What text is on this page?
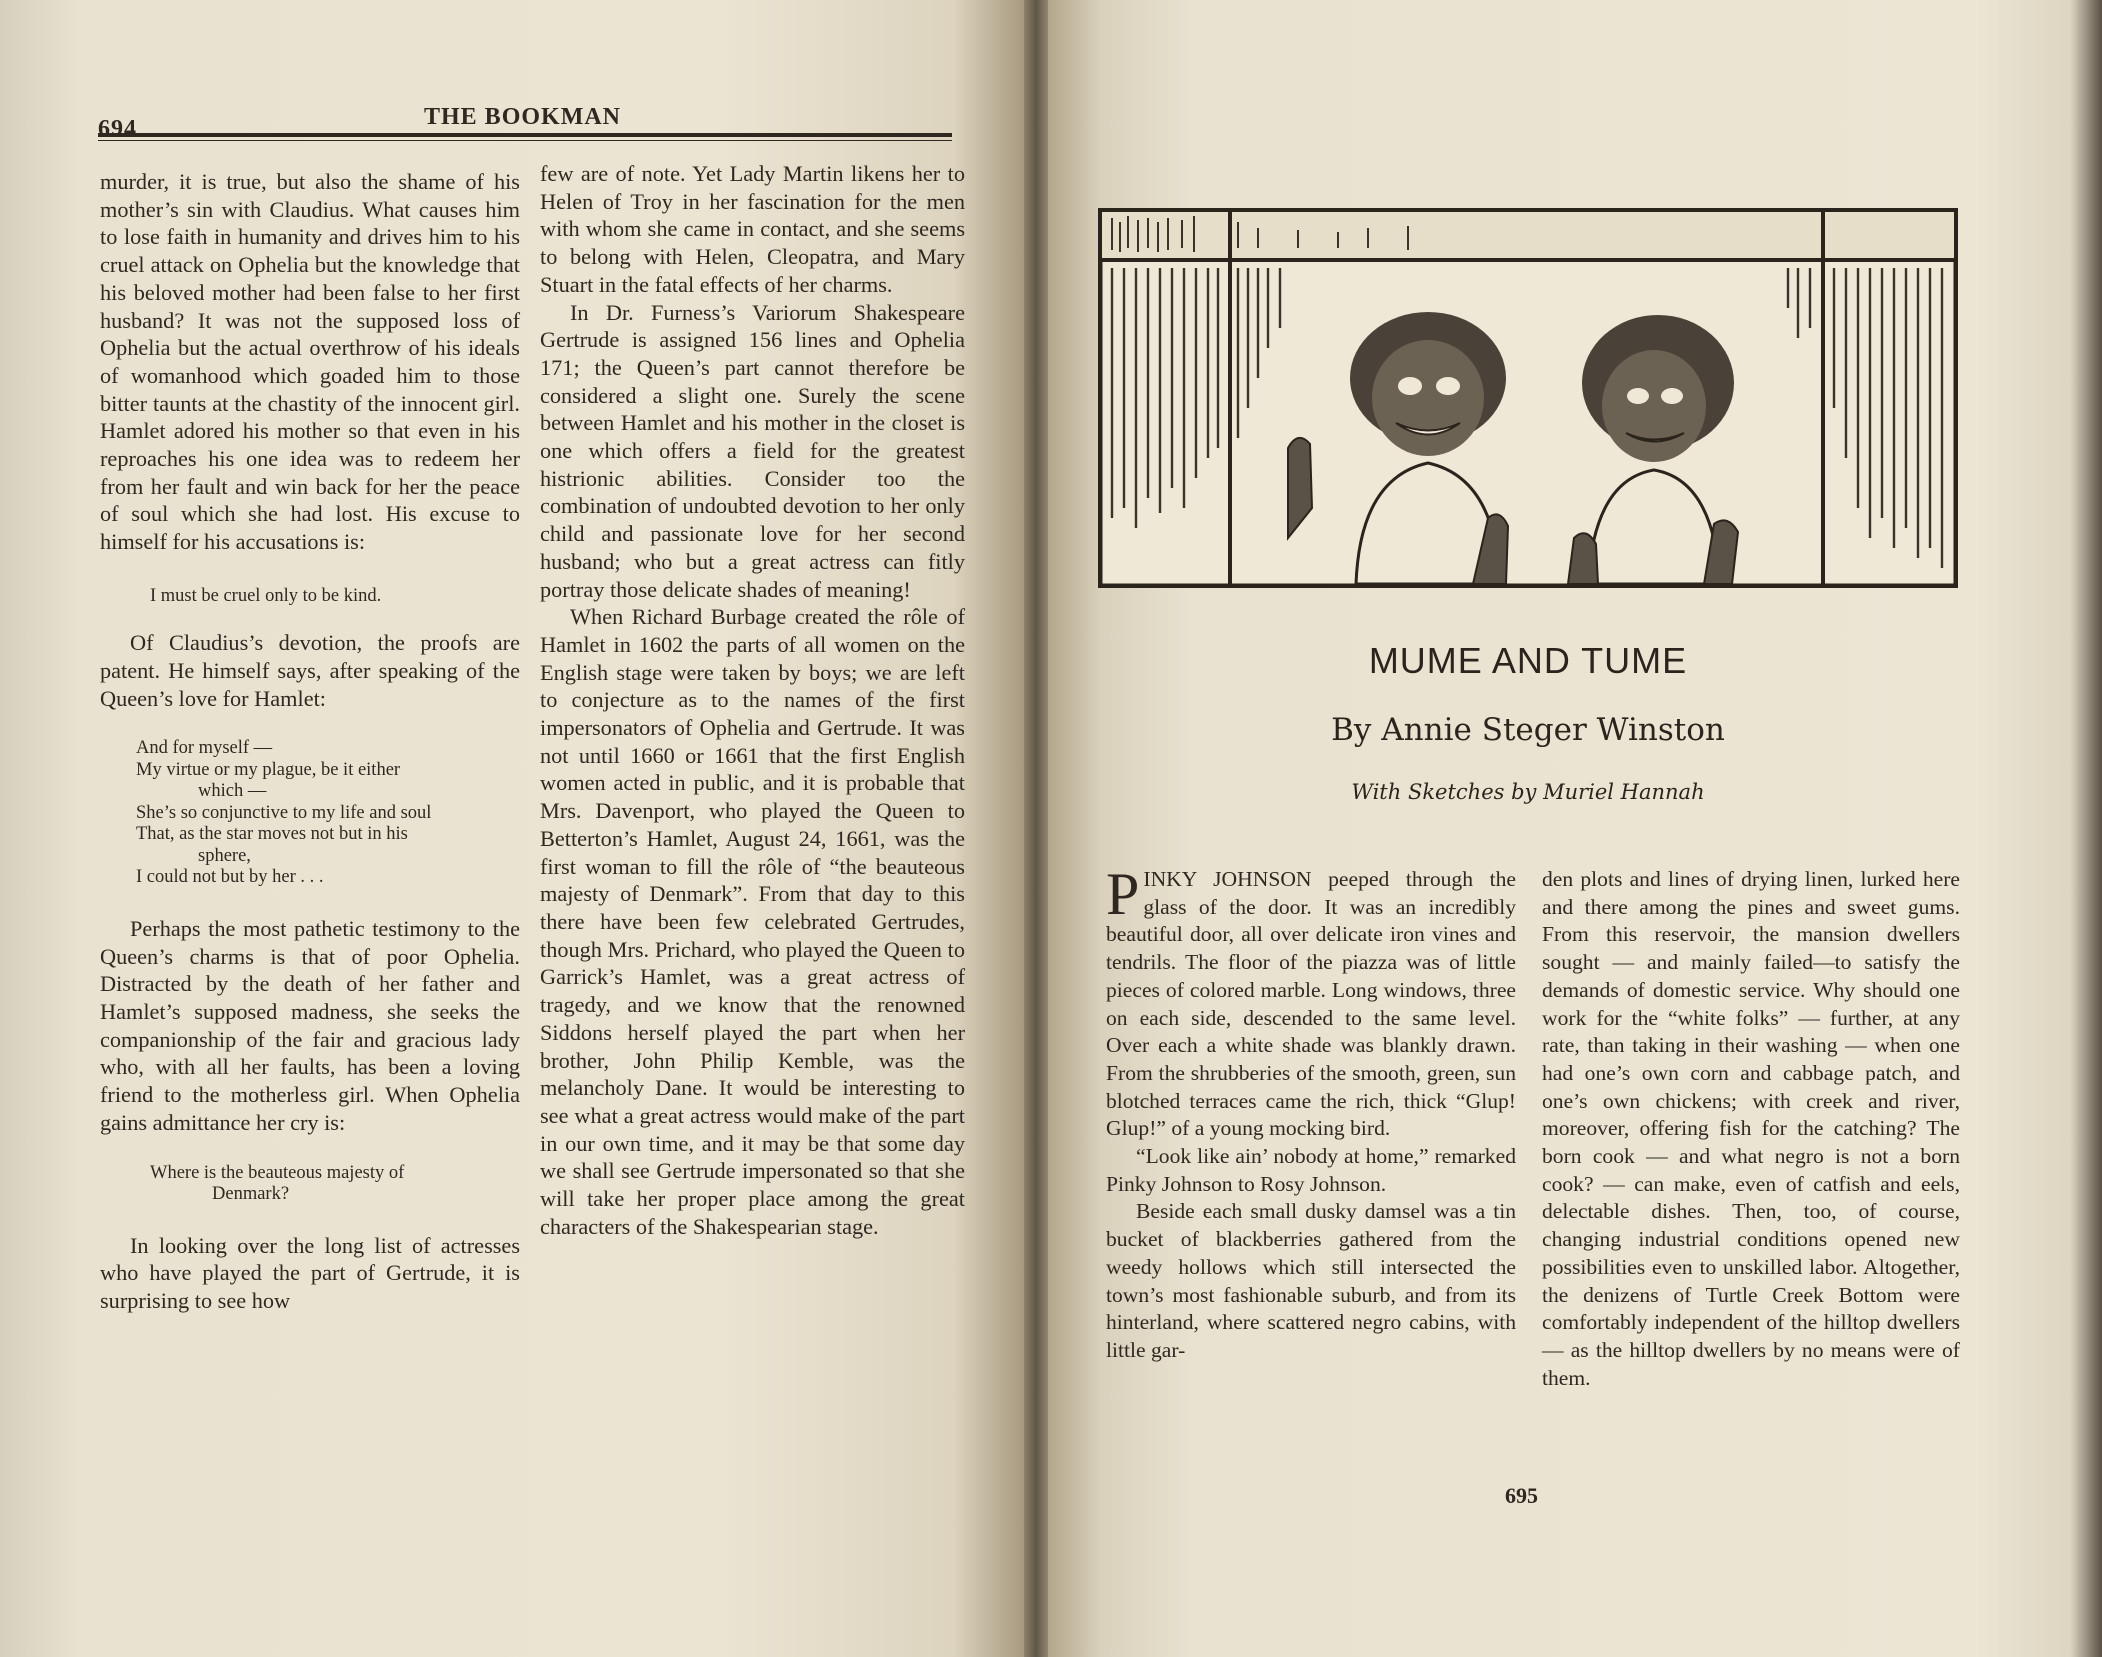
694	THE BOOKMAN

murder, it is true, but also the shame of his mother’s sin with Claudius. What causes him to lose faith in humanity and drives him to his cruel attack on Ophelia but the knowledge that his beloved mother had been false to her first husband? It was not the supposed loss of Ophelia but the actual overthrow of his ideals of womanhood which goaded him to those bitter taunts at the chastity of the innocent girl. Hamlet adored his mother so that even in his reproaches his one idea was to redeem her from her fault and win back for her the peace of soul which she had lost. His excuse to himself for his accusations is:

I must be cruel only to be kind.

Of Claudius’s devotion, the proofs are patent. He himself says, after speaking of the Queen’s love for Hamlet:

And for myself —
My virtue or my plague, be it either
which —
She’s so conjunctive to my life and soul
That, as the star moves not but in his
sphere,
I could not but by her . . .

Perhaps the most pathetic testimony to the Queen’s charms is that of poor Ophelia. Distracted by the death of her father and Hamlet’s supposed madness, she seeks the companionship of the fair and gracious lady who, with all her faults, has been a loving friend to the motherless girl. When Ophelia gains admittance her cry is:

Where is the beauteous majesty of
Denmark?

In looking over the long list of actresses who have played the part of Gertrude, it is surprising to see how

few are of note. Yet Lady Martin likens her to Helen of Troy in her fascination for the men with whom she came in contact, and she seems to belong with Helen, Cleopatra, and Mary Stuart in the fatal effects of her charms.

In Dr. Furness’s Variorum Shakespeare Gertrude is assigned 156 lines and Ophelia 171; the Queen’s part cannot therefore be considered a slight one. Surely the scene between Hamlet and his mother in the closet is one which offers a field for the greatest histrionic abilities. Consider too the combination of undoubted devotion to her only child and passionate love for her second husband; who but a great actress can fitly portray those delicate shades of meaning!

When Richard Burbage created the rôle of Hamlet in 1602 the parts of all women on the English stage were taken by boys; we are left to conjecture as to the names of the first impersonators of Ophelia and Gertrude. It was not until 1660 or 1661 that the first English women acted in public, and it is probable that Mrs. Davenport, who played the Queen to Betterton’s Hamlet, August 24, 1661, was the first woman to fill the rôle of “the beauteous majesty of Denmark”. From that day to this there have been few celebrated Gertrudes, though Mrs. Prichard, who played the Queen to Garrick’s Hamlet, was a great actress of tragedy, and we know that the renowned Siddons herself played the part when her brother, John Philip Kemble, was the melancholy Dane. It would be interesting to see what a great actress would make of the part in our own time, and it may be that some day we shall see Gertrude impersonated so that she will take her proper place among the great characters of the Shakespearian stage.

MUME AND TUME
By Annie Steger Winston
With Sketches by Muriel Hannah

PINKY JOHNSON peeped through the glass of the door. It was an incredibly beautiful door, all over delicate iron vines and tendrils. The floor of the piazza was of little pieces of colored marble. Long windows, three on each side, descended to the same level. Over each a white shade was blankly drawn. From the shrubberies of the smooth, green, sun blotched terraces came the rich, thick “Glup! Glup!” of a young mocking bird.

“Look like ain’ nobody at home,” remarked Pinky Johnson to Rosy Johnson.

Beside each small dusky damsel was a tin bucket of blackberries gathered from the weedy hollows which still intersected the town’s most fashionable suburb, and from its hinterland, where scattered negro cabins, with little gar-

den plots and lines of drying linen, lurked here and there among the pines and sweet gums. From this reservoir, the mansion dwellers sought — and mainly failed—to satisfy the demands of domestic service. Why should one work for the “white folks” — further, at any rate, than taking in their washing — when one had one’s own corn and cabbage patch, and one’s own chickens; with creek and river, moreover, offering fish for the catching? The born cook — and what negro is not a born cook? — can make, even of catfish and eels, delectable dishes. Then, too, of course, changing industrial conditions opened new possibilities even to unskilled labor. Altogether, the denizens of Turtle Creek Bottom were comfortably independent of the hilltop dwellers — as the hilltop dwellers by no means were of them.

695
